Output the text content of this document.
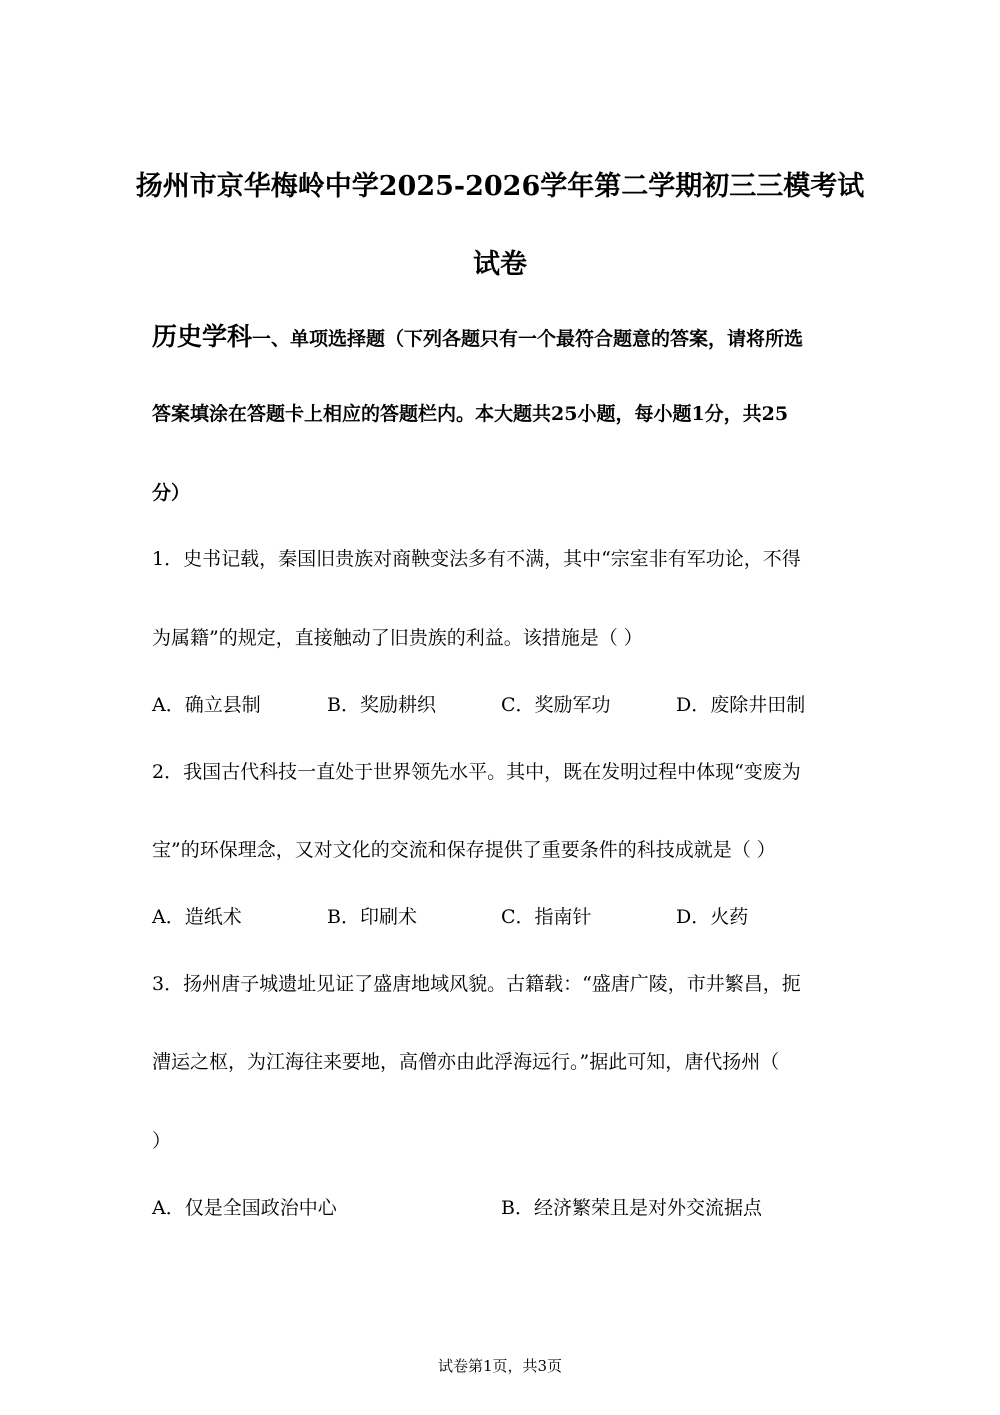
扬州市京华梅岭中学2025-2026学年第二学期初三三模考试
试卷
历史学科一、单项选择题（下列各题只有一个最符合题意的答案，请将所选
答案填涂在答题卡上相应的答题栏内。本大题共25小题，每小题1分，共25
分）
1．史书记载，秦国旧贵族对商鞅变法多有不满，其中“宗室非有军功论，不得
为属籍”的规定，直接触动了旧贵族的利益。该措施是（ ）
A．确立县制	B．奖励耕织	C．奖励军功	D．废除井田制
2．我国古代科技一直处于世界领先水平。其中，既在发明过程中体现“变废为
宝”的环保理念，又对文化的交流和保存提供了重要条件的科技成就是（ ）
A．造纸术	B．印刷术	C．指南针	D．火药
3．扬州唐子城遗址见证了盛唐地域风貌。古籍载：“盛唐广陵，市井繁昌，扼
漕运之枢，为江海往来要地，高僧亦由此浮海远行。”据此可知，唐代扬州（
）
A．仅是全国政治中心	B．经济繁荣且是对外交流据点
试卷第1页，共3页
